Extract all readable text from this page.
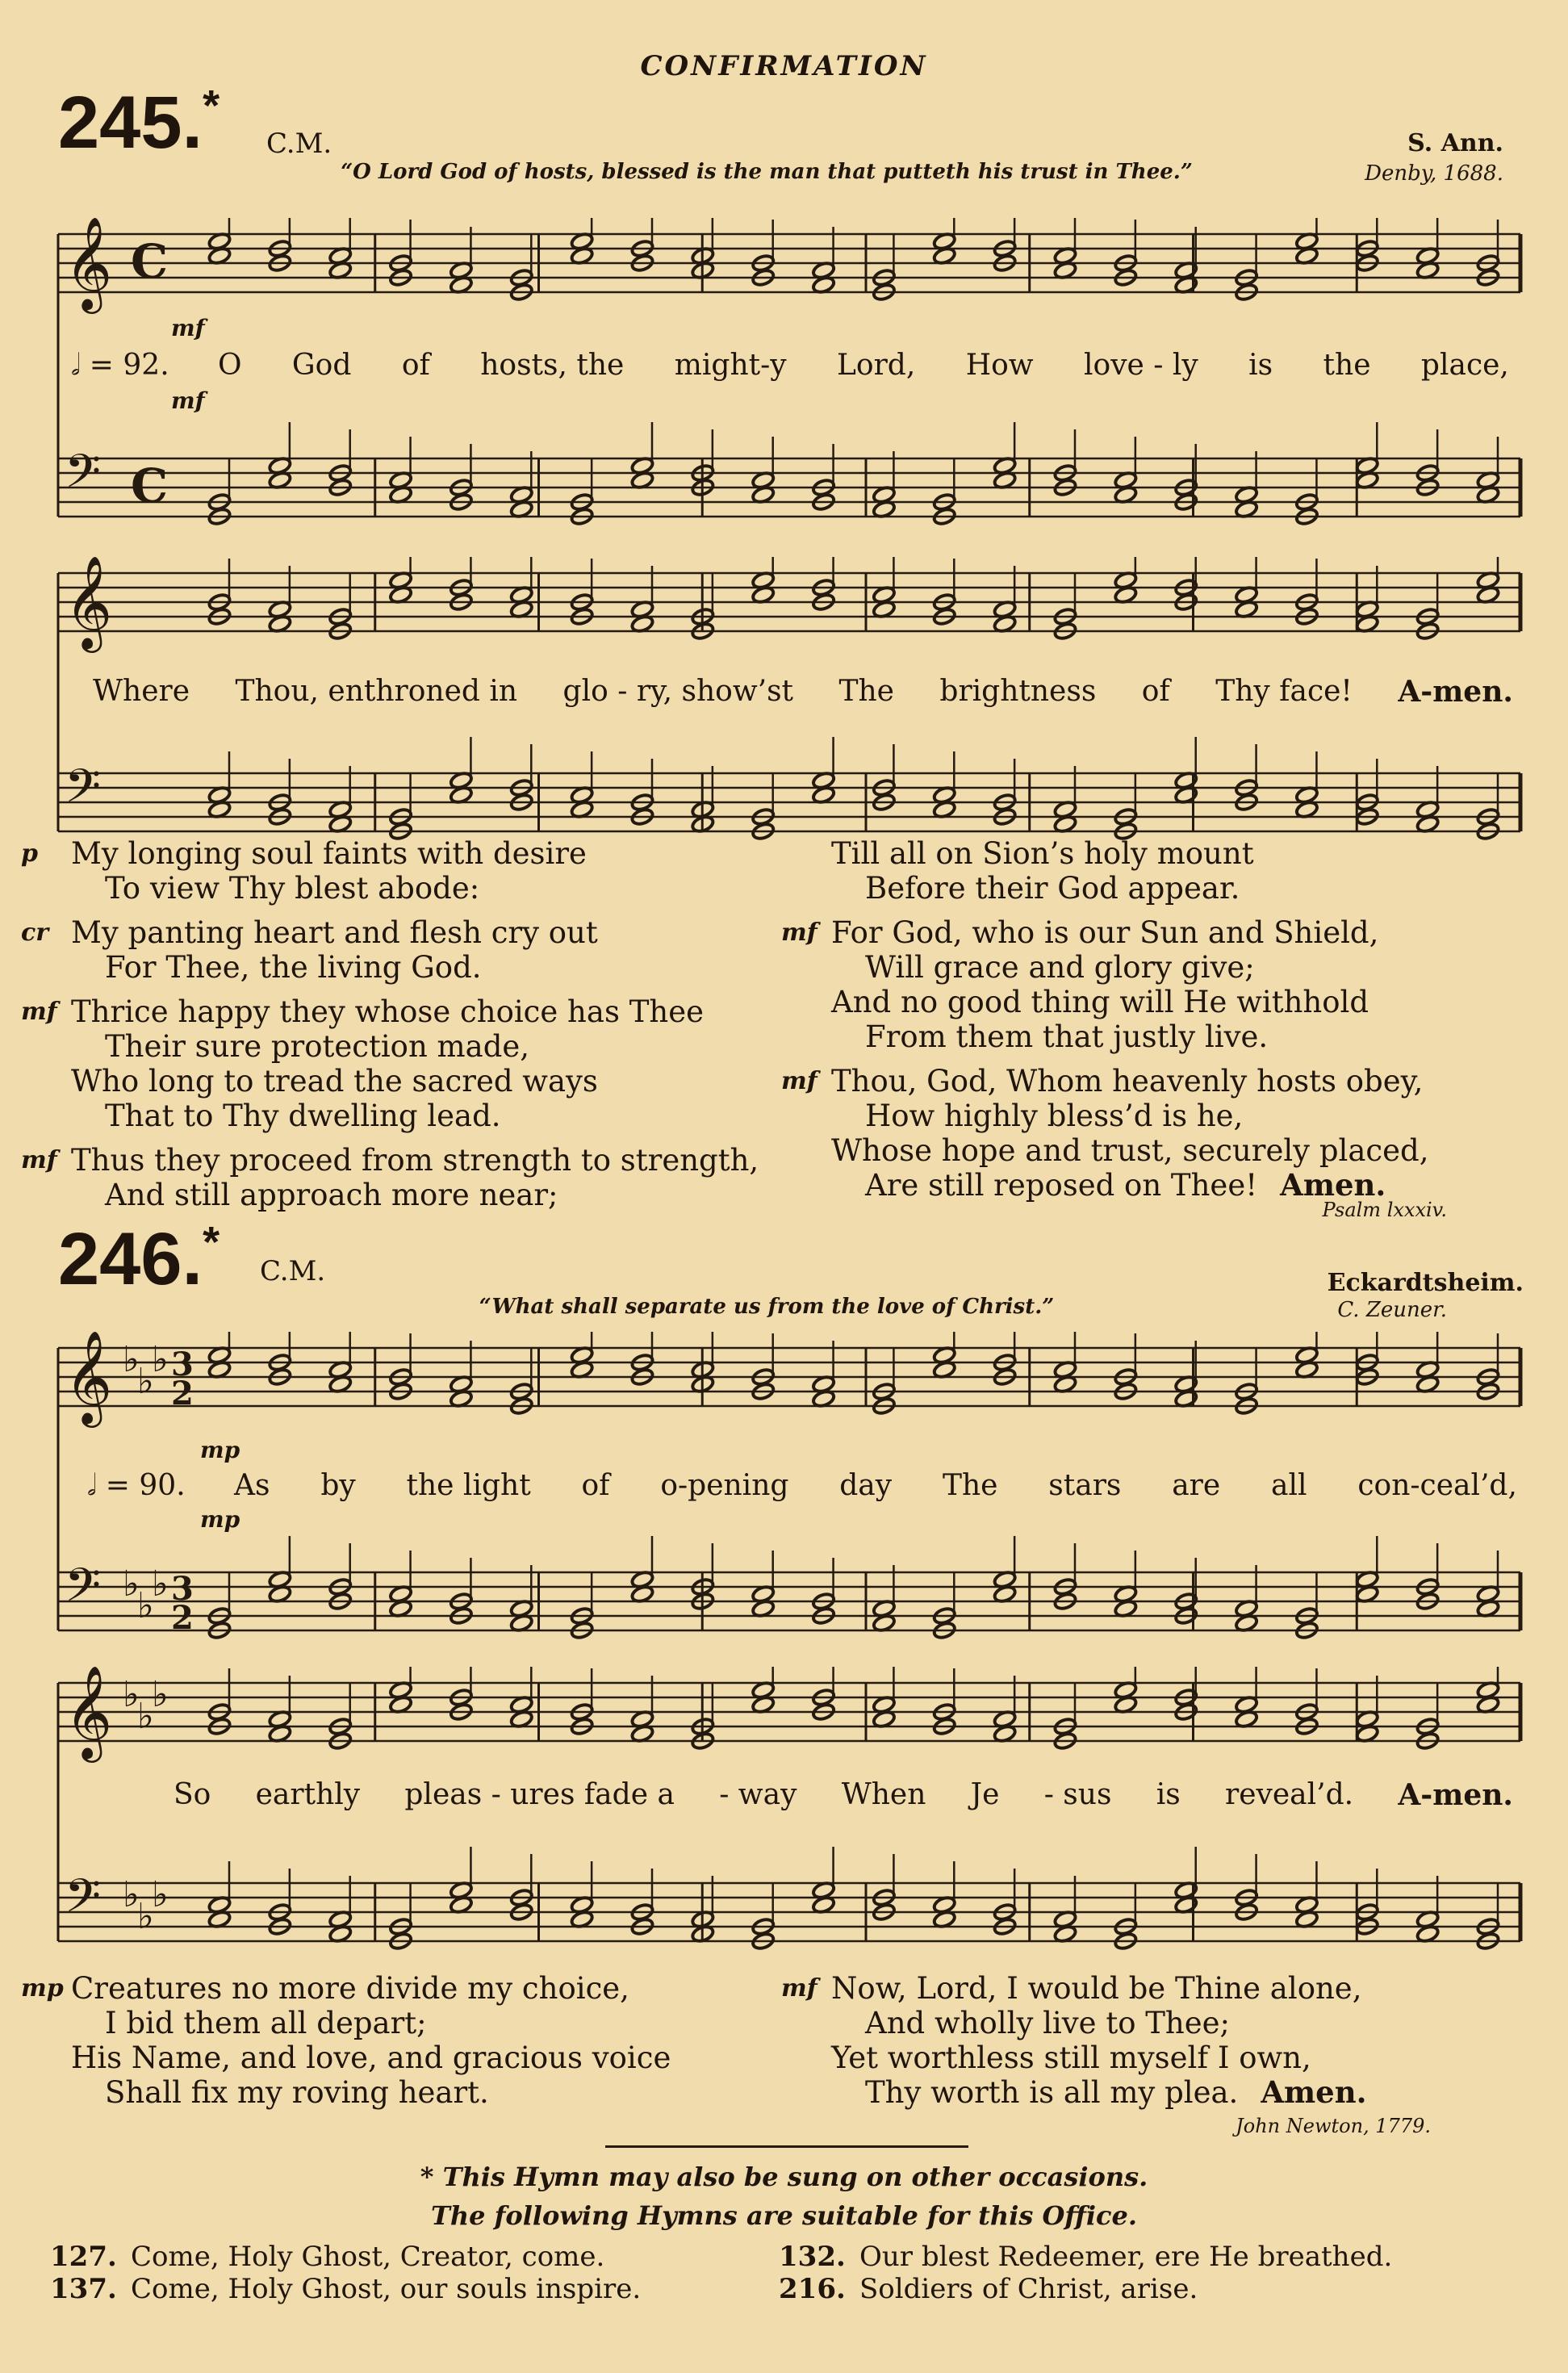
CONFIRMATION
245.*
C.M.	S. Ann.
Denby, 1688.
“O Lord God of hosts, blessed is the man that putteth his trust in Thee.”
𝄞 C
𝄢 C
mf
𝅗𝅥 = 92.
mf
O God of hosts, the might-y Lord, How love - ly is the place,
𝄞
𝄢
Where Thou, enthroned in glo - ry, show’st The brightness of Thy face! A-men.
p My longing soul faints with desire
To view Thy blest abode:
cr My panting heart and flesh cry out
For Thee, the living God.
mf Thrice happy they whose choice has Thee
Their sure protection made,
Who long to tread the sacred ways
That to Thy dwelling lead.
mf Thus they proceed from strength to strength,
And still approach more near;
Till all on Sion’s holy mount
Before their God appear.
mf For God, who is our Sun and Shield,
Will grace and glory give;
And no good thing will He withhold
From them that justly live.
mf Thou, God, Whom heavenly hosts obey,
How highly bless’d is he,
Whose hope and trust, securely placed,
Are still reposed on Thee! Amen.
Psalm lxxxiv.
246.*
C.M.	Eckardtsheim.
C. Zeuner.
“What shall separate us from the love of Christ.”
𝄞 ♭
♭
♭ 3
2
𝄢 ♭
♭
♭ 3
2
mp
𝅗𝅥 = 90.
mp
As by the light of o-pening day The stars are all con-ceal’d,
𝄞 ♭
♭
♭
𝄢 ♭
♭
♭
So earthly pleas - ures fade a - way When Je - sus is reveal’d. A-men.
mp Creatures no more divide my choice,
I bid them all depart;
His Name, and love, and gracious voice
Shall fix my roving heart.
mf Now, Lord, I would be Thine alone,
And wholly live to Thee;
Yet worthless still myself I own,
Thy worth is all my plea. Amen.
John Newton, 1779.
* This Hymn may also be sung on other occasions.
The following Hymns are suitable for this Office.
127. Come, Holy Ghost, Creator, come.
137. Come, Holy Ghost, our souls inspire.
132. Our blest Redeemer, ere He breathed.
216. Soldiers of Christ, arise.
